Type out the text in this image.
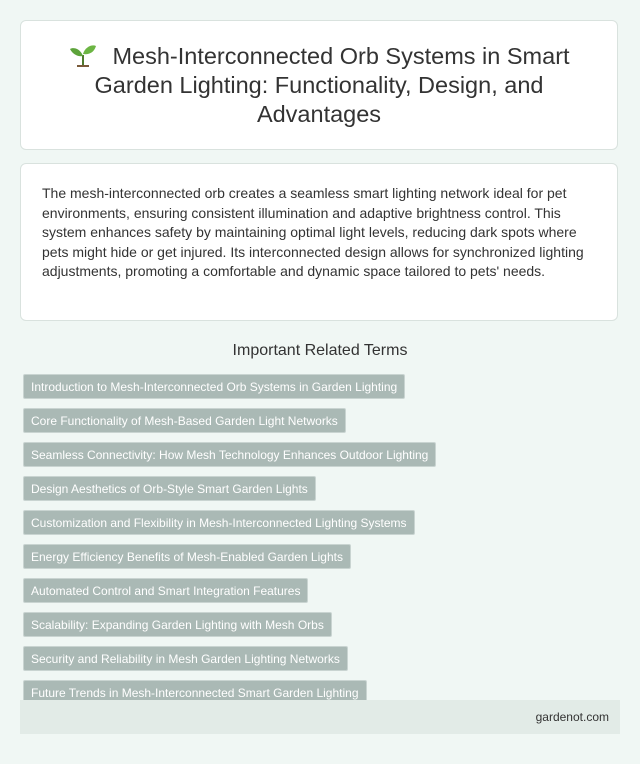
Mesh-Interconnected Orb Systems in Smart Garden Lighting: Functionality, Design, and Advantages

The mesh-interconnected orb creates a seamless smart lighting network ideal for pet environments, ensuring consistent illumination and adaptive brightness control. This system enhances safety by maintaining optimal light levels, reducing dark spots where pets might hide or get injured. Its interconnected design allows for synchronized lighting adjustments, promoting a comfortable and dynamic space tailored to pets' needs.

Important Related Terms
Introduction to Mesh-Interconnected Orb Systems in Garden Lighting
Core Functionality of Mesh-Based Garden Light Networks
Seamless Connectivity: How Mesh Technology Enhances Outdoor Lighting
Design Aesthetics of Orb-Style Smart Garden Lights
Customization and Flexibility in Mesh-Interconnected Lighting Systems
Energy Efficiency Benefits of Mesh-Enabled Garden Lights
Automated Control and Smart Integration Features
Scalability: Expanding Garden Lighting with Mesh Orbs
Security and Reliability in Mesh Garden Lighting Networks
Future Trends in Mesh-Interconnected Smart Garden Lighting
gardenot.com
